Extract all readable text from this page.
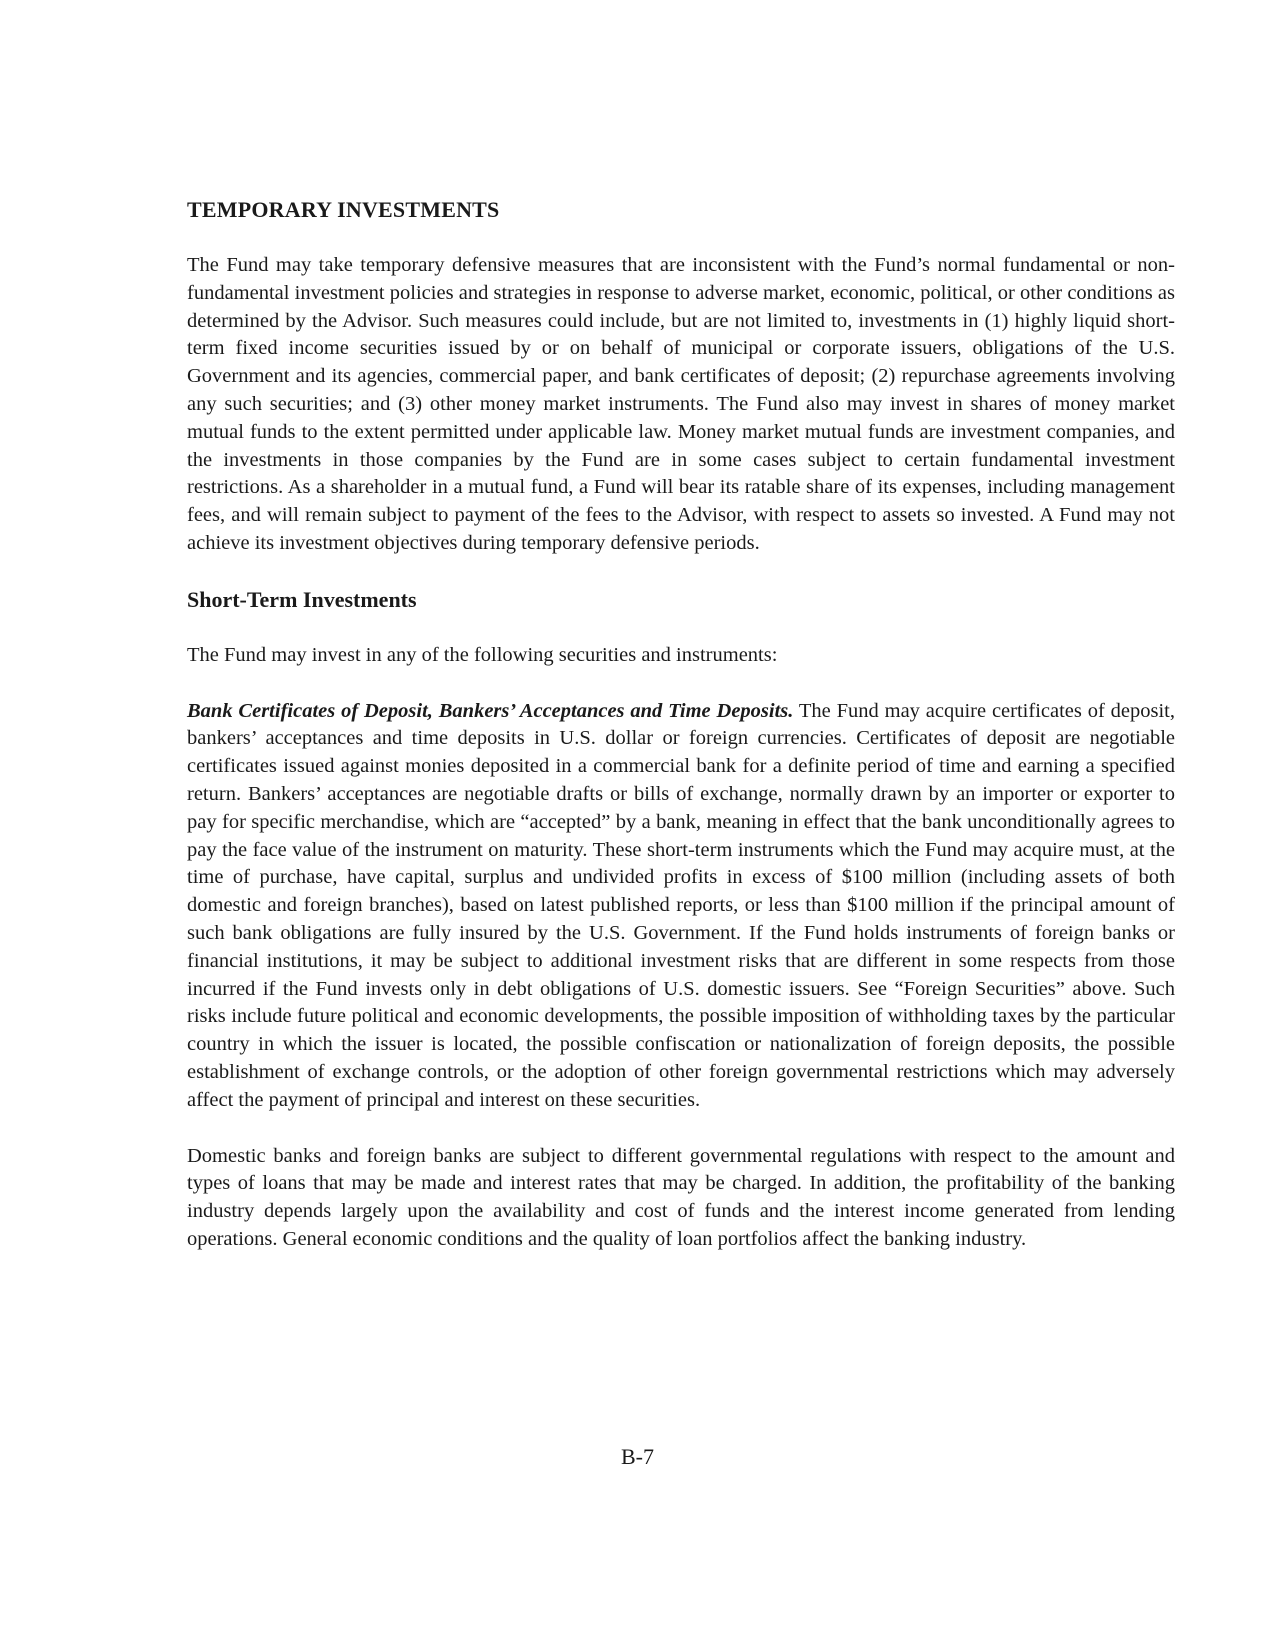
TEMPORARY INVESTMENTS

The Fund may take temporary defensive measures that are inconsistent with the Fund’s normal fundamental or non-fundamental investment policies and strategies in response to adverse market, economic, political, or other conditions as determined by the Advisor. Such measures could include, but are not limited to, investments in (1) highly liquid short-term fixed income securities issued by or on behalf of municipal or corporate issuers, obligations of the U.S. Government and its agencies, commercial paper, and bank certificates of deposit; (2) repurchase agreements involving any such securities; and (3) other money market instruments. The Fund also may invest in shares of money market mutual funds to the extent permitted under applicable law. Money market mutual funds are investment companies, and the investments in those companies by the Fund are in some cases subject to certain fundamental investment restrictions. As a shareholder in a mutual fund, a Fund will bear its ratable share of its expenses, including management fees, and will remain subject to payment of the fees to the Advisor, with respect to assets so invested. A Fund may not achieve its investment objectives during temporary defensive periods.

Short-Term Investments

The Fund may invest in any of the following securities and instruments:

Bank Certificates of Deposit, Bankers’ Acceptances and Time Deposits. The Fund may acquire certificates of deposit, bankers’ acceptances and time deposits in U.S. dollar or foreign currencies. Certificates of deposit are negotiable certificates issued against monies deposited in a commercial bank for a definite period of time and earning a specified return. Bankers’ acceptances are negotiable drafts or bills of exchange, normally drawn by an importer or exporter to pay for specific merchandise, which are “accepted” by a bank, meaning in effect that the bank unconditionally agrees to pay the face value of the instrument on maturity. These short-term instruments which the Fund may acquire must, at the time of purchase, have capital, surplus and undivided profits in excess of $100 million (including assets of both domestic and foreign branches), based on latest published reports, or less than $100 million if the principal amount of such bank obligations are fully insured by the U.S. Government. If the Fund holds instruments of foreign banks or financial institutions, it may be subject to additional investment risks that are different in some respects from those incurred if the Fund invests only in debt obligations of U.S. domestic issuers. See “Foreign Securities” above. Such risks include future political and economic developments, the possible imposition of withholding taxes by the particular country in which the issuer is located, the possible confiscation or nationalization of foreign deposits, the possible establishment of exchange controls, or the adoption of other foreign governmental restrictions which may adversely affect the payment of principal and interest on these securities.

Domestic banks and foreign banks are subject to different governmental regulations with respect to the amount and types of loans that may be made and interest rates that may be charged. In addition, the profitability of the banking industry depends largely upon the availability and cost of funds and the interest income generated from lending operations. General economic conditions and the quality of loan portfolios affect the banking industry.

B-7
